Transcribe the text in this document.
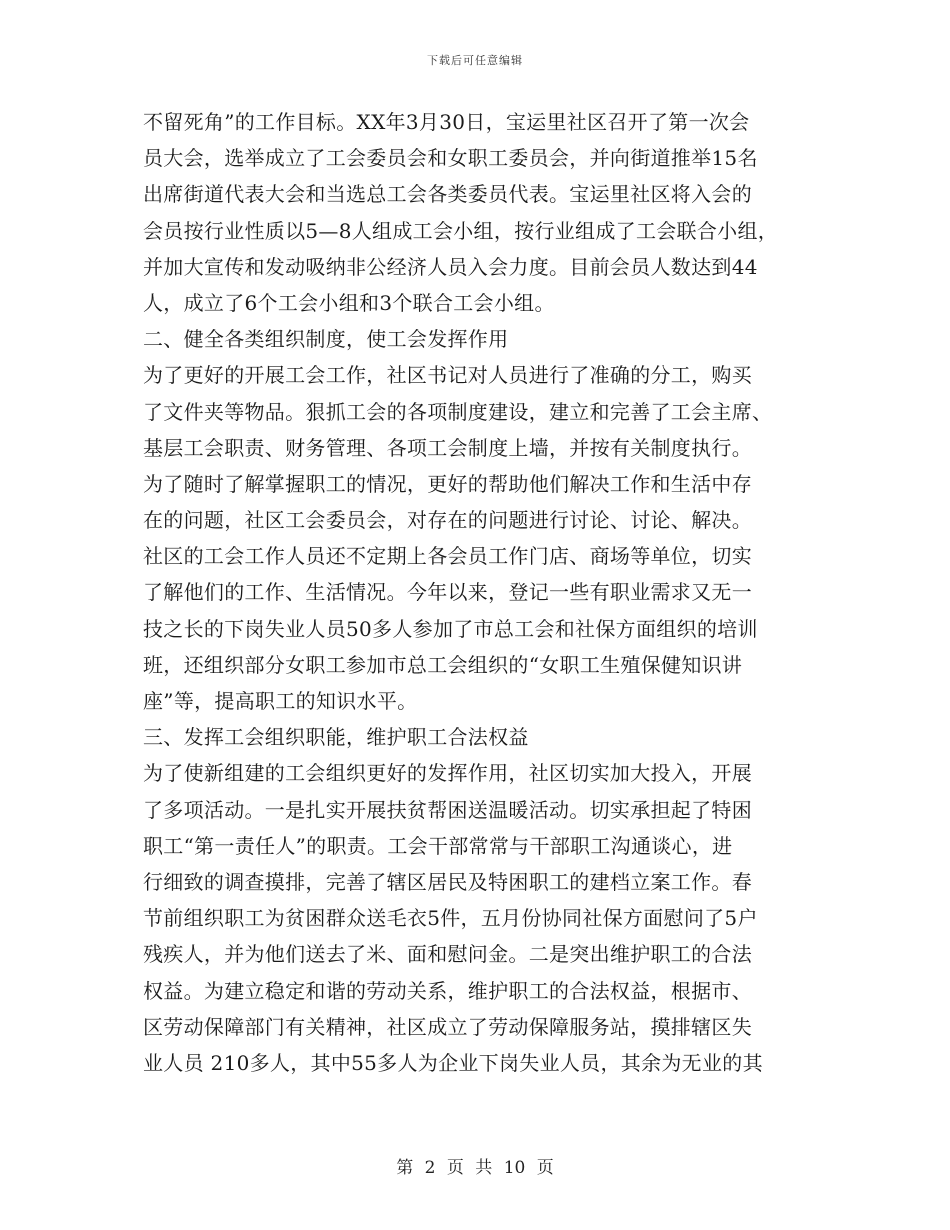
下载后可任意编辑
不留死角”的工作目标。XX年3月30日，宝运里社区召开了第一次会
员大会，选举成立了工会委员会和女职工委员会，并向街道推举15名
出席街道代表大会和当选总工会各类委员代表。宝运里社区将入会的
会员按行业性质以5—8人组成工会小组，按行业组成了工会联合小组，
并加大宣传和发动吸纳非公经济人员入会力度。目前会员人数达到44
人，成立了6个工会小组和3个联合工会小组。
二、健全各类组织制度，使工会发挥作用
为了更好的开展工会工作，社区书记对人员进行了准确的分工，购买
了文件夹等物品。狠抓工会的各项制度建设，建立和完善了工会主席、
基层工会职责、财务管理、各项工会制度上墙，并按有关制度执行。
为了随时了解掌握职工的情况，更好的帮助他们解决工作和生活中存
在的问题，社区工会委员会，对存在的问题进行讨论、讨论、解决。
社区的工会工作人员还不定期上各会员工作门店、商场等单位，切实
了解他们的工作、生活情况。今年以来，登记一些有职业需求又无一
技之长的下岗失业人员50多人参加了市总工会和社保方面组织的培训
班，还组织部分女职工参加市总工会组织的“女职工生殖保健知识讲
座”等，提高职工的知识水平。
三、发挥工会组织职能，维护职工合法权益
为了使新组建的工会组织更好的发挥作用，社区切实加大投入，开展
了多项活动。一是扎实开展扶贫帮困送温暖活动。切实承担起了特困
职工“第一责任人”的职责。工会干部常常与干部职工沟通谈心，进
行细致的调查摸排，完善了辖区居民及特困职工的建档立案工作。春
节前组织职工为贫困群众送毛衣5件，五月份协同社保方面慰问了5户
残疾人，并为他们送去了米、面和慰问金。二是突出维护职工的合法
权益。为建立稳定和谐的劳动关系，维护职工的合法权益，根据市、
区劳动保障部门有关精神，社区成立了劳动保障服务站，摸排辖区失
业人员 210多人，其中55多人为企业下岗失业人员，其余为无业的其
第 2 页 共 10 页
